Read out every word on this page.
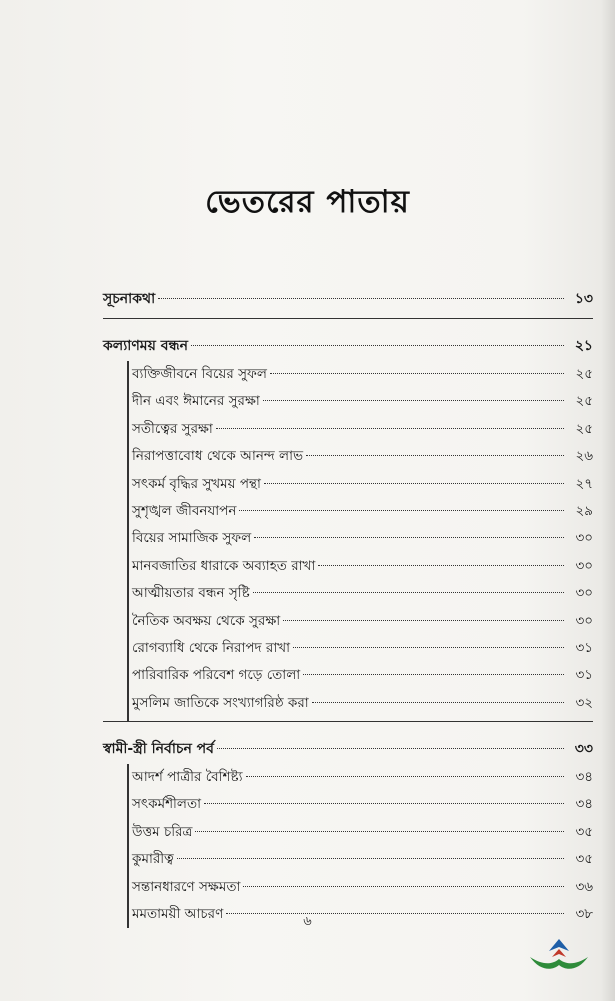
ভেতরের পাতায়
সূচনাকথা	১৩
কল্যাণময় বন্ধন	২১
ব্যক্তিজীবনে বিয়ের সুফল	২৫
দীন এবং ঈমানের সুরক্ষা	২৫
সতীত্বের সুরক্ষা	২৫
নিরাপত্তাবোধ থেকে আনন্দ লাভ	২৬
সৎকর্ম বৃদ্ধির সুখময় পন্থা	২৭
সুশৃঙ্খল জীবনযাপন	২৯
বিয়ের সামাজিক সুফল	৩০
মানবজাতির ধারাকে অব্যাহত রাখা	৩০
আত্মীয়তার বন্ধন সৃষ্টি	৩০
নৈতিক অবক্ষয় থেকে সুরক্ষা	৩০
রোগব্যাধি থেকে নিরাপদ রাখা	৩১
পারিবারিক পরিবেশ গড়ে তোলা	৩১
মুসলিম জাতিকে সংখ্যাগরিষ্ঠ করা	৩২
স্বামী-স্ত্রী নির্বাচন পর্ব	৩৩
আদর্শ পাত্রীর বৈশিষ্ট্য	৩৪
সৎকর্মশীলতা	৩৪
উত্তম চরিত্র	৩৫
কুমারীত্ব	৩৫
সন্তানধারণে সক্ষমতা	৩৬
মমতাময়ী আচরণ	৩৮
৬
